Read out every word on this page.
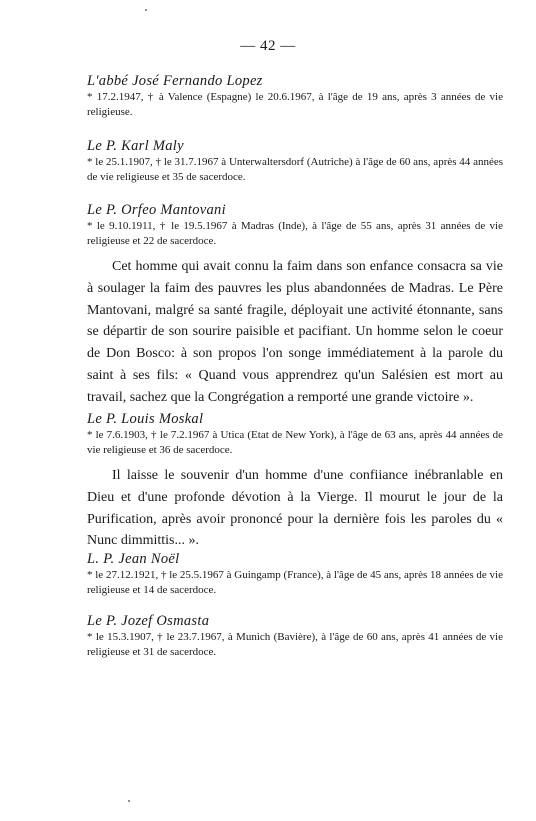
— 42 —
L'abbé José Fernando Lopez
* 17.2.1947, † à Valence (Espagne) le 20.6.1967, à l'âge de 19 ans, après 3 années de vie religieuse.
Le P. Karl Maly
* le 25.1.1907, † le 31.7.1967 à Unterwaltersdorf (Autriche) à l'âge de 60 ans, après 44 années de vie religieuse et 35 de sacerdoce.
Le P. Orfeo Mantovani
* le 9.10.1911, † le 19.5.1967 à Madras (Inde), à l'âge de 55 ans, après 31 années de vie religieuse et 22 de sacerdoce.
Cet homme qui avait connu la faim dans son enfance consacra sa vie à soulager la faim des pauvres les plus abandonnées de Madras. Le Père Mantovani, malgré sa santé fragile, déployait une activité étonnante, sans se départir de son sourire paisible et pacifiant. Un homme selon le coeur de Don Bosco: à son propos l'on songe immédiatement à la parole du saint à ses fils: « Quand vous apprendrez qu'un Salésien est mort au travail, sachez que la Congrégation a remporté une grande victoire ».
Le P. Louis Moskal
* le 7.6.1903, † le 7.2.1967 à Utica (Etat de New York), à l'âge de 63 ans, après 44 années de vie religieuse et 36 de sacerdoce.
Il laisse le souvenir d'un homme d'une confiiance inébranlable en Dieu et d'une profonde dévotion à la Vierge. Il mourut le jour de la Purification, après avoir prononcé pour la dernière fois les paroles du « Nunc dimmittis... ».
L. P. Jean Noël
* le 27.12.1921, † le 25.5.1967 à Guingamp (France), à l'âge de 45 ans, après 18 années de vie religieuse et 14 de sacerdoce.
Le P. Jozef Osmasta
* le 15.3.1907, † le 23.7.1967, à Munich (Bavière), à l'âge de 60 ans, après 41 années de vie religieuse et 31 de sacerdoce.
